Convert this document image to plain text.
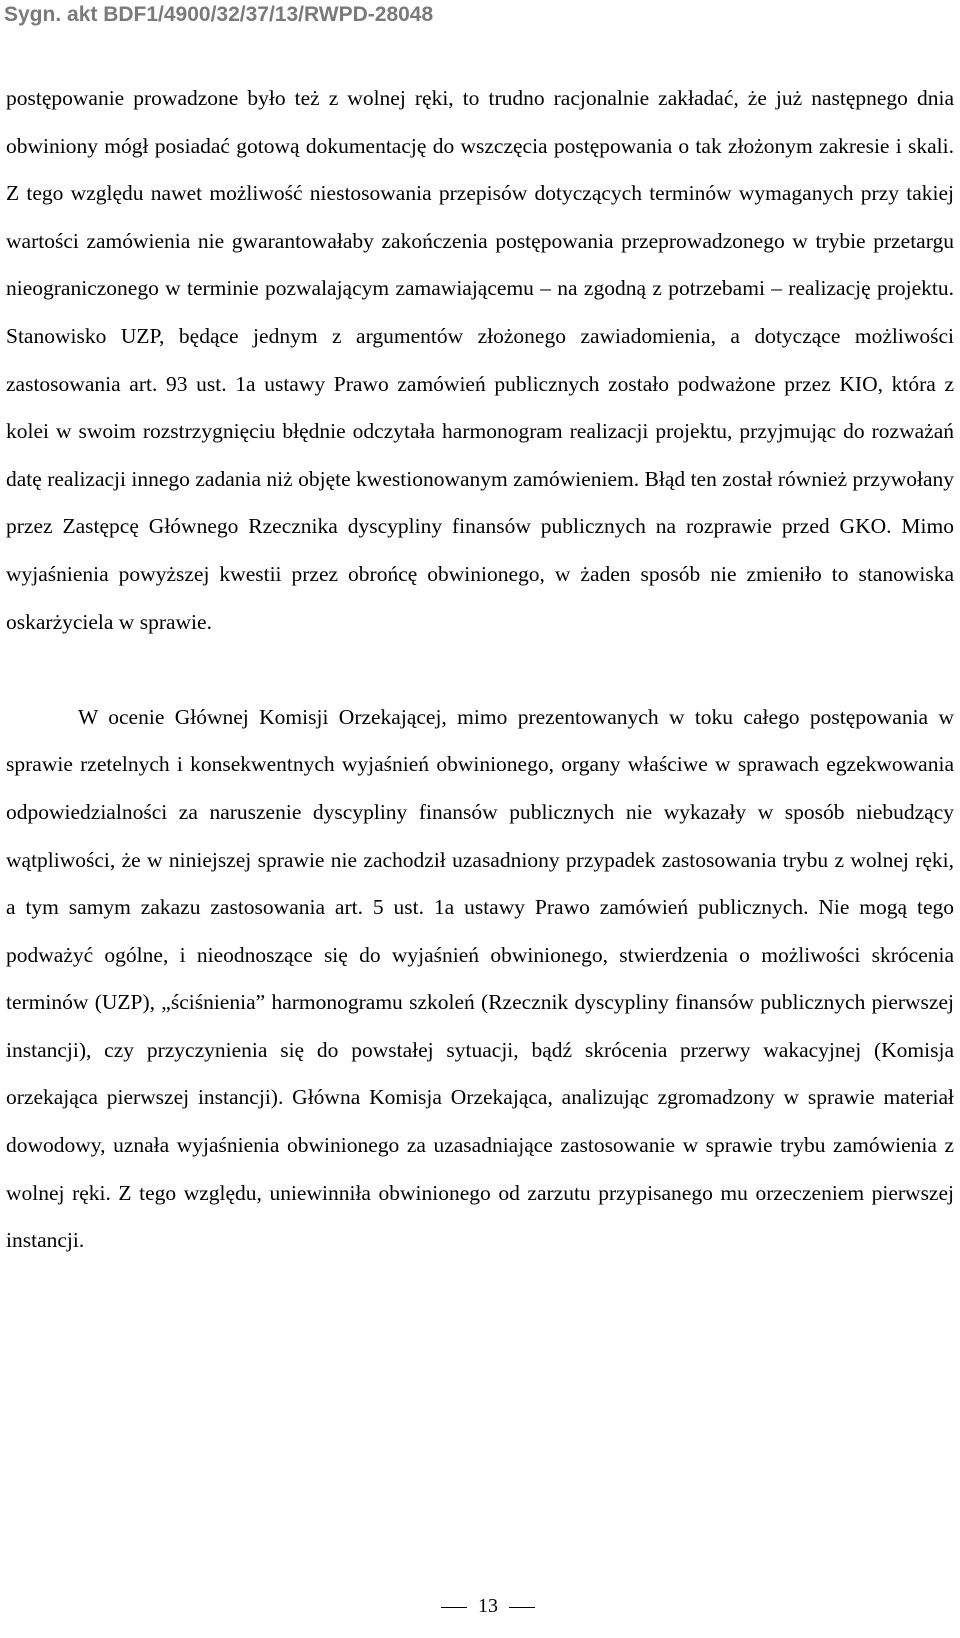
Sygn. akt BDF1/4900/32/37/13/RWPD-28048

postępowanie prowadzone było też z wolnej ręki, to trudno racjonalnie zakładać, że już następnego dnia obwiniony mógł posiadać gotową dokumentację do wszczęcia postępowania o tak złożonym zakresie i skali. Z tego względu nawet możliwość niestosowania przepisów dotyczących terminów wymaganych przy takiej wartości zamówienia nie gwarantowałaby zakończenia postępowania przeprowadzonego w trybie przetargu nieograniczonego w terminie pozwalającym zamawiającemu – na zgodną z potrzebami – realizację projektu. Stanowisko UZP, będące jednym z argumentów złożonego zawiadomienia, a dotyczące możliwości zastosowania art. 93 ust. 1a ustawy Prawo zamówień publicznych zostało podważone przez KIO, która z kolei w swoim rozstrzygnięciu błędnie odczytała harmonogram realizacji projektu, przyjmując do rozważań datę realizacji innego zadania niż objęte kwestionowanym zamówieniem. Błąd ten został również przywołany przez Zastępcę Głównego Rzecznika dyscypliny finansów publicznych na rozprawie przed GKO. Mimo wyjaśnienia powyższej kwestii przez obrońcę obwinionego, w żaden sposób nie zmieniło to stanowiska oskarżyciela w sprawie.

W ocenie Głównej Komisji Orzekającej, mimo prezentowanych w toku całego postępowania w sprawie rzetelnych i konsekwentnych wyjaśnień obwinionego, organy właściwe w sprawach egzekwowania odpowiedzialności za naruszenie dyscypliny finansów publicznych nie wykazały w sposób niebudzący wątpliwości, że w niniejszej sprawie nie zachodził uzasadniony przypadek zastosowania trybu z wolnej ręki, a tym samym zakazu zastosowania art. 5 ust. 1a ustawy Prawo zamówień publicznych. Nie mogą tego podważyć ogólne, i nieodnoszące się do wyjaśnień obwinionego, stwierdzenia o możliwości skrócenia terminów (UZP), „ściśnienia” harmonogramu szkoleń (Rzecznik dyscypliny finansów publicznych pierwszej instancji), czy przyczynienia się do powstałej sytuacji, bądź skrócenia przerwy wakacyjnej (Komisja orzekająca pierwszej instancji). Główna Komisja Orzekająca, analizując zgromadzony w sprawie materiał dowodowy, uznała wyjaśnienia obwinionego za uzasadniające zastosowanie w sprawie trybu zamówienia z wolnej ręki. Z tego względu, uniewinniła obwinionego od zarzutu przypisanego mu orzeczeniem pierwszej instancji.

13
